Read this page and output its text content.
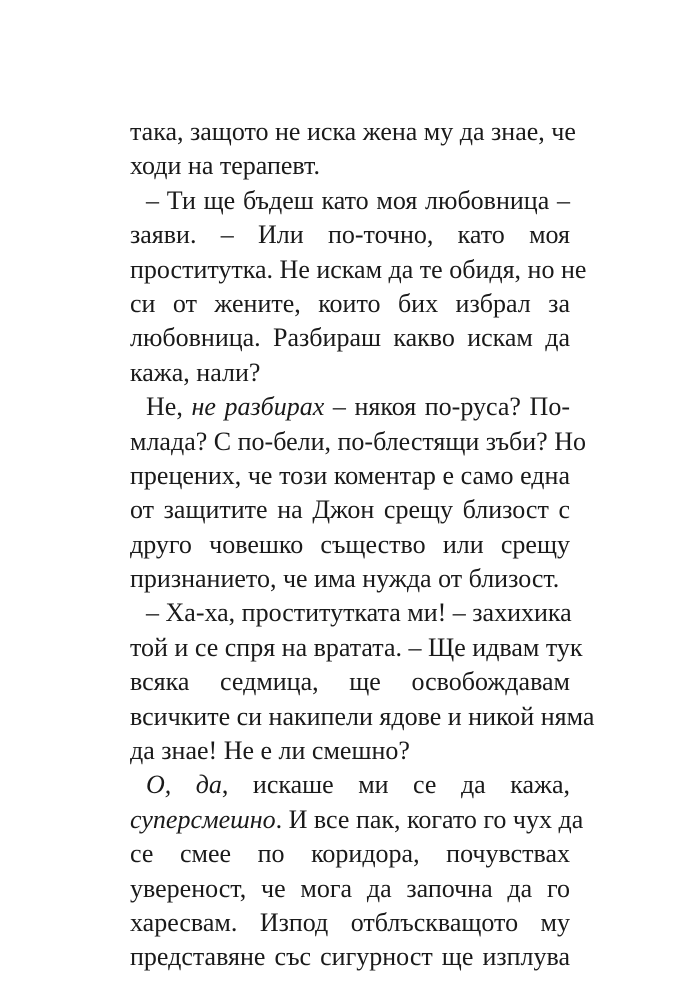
така, защото не иска жена му да знае, че
ходи на терапевт.
– Ти ще бъдеш като моя любовница –
заяви. – Или по-точно, като моя
проститутка. Не искам да те обидя, но не
си от жените, които бих избрал за
любовница. Разбираш какво искам да
кажа, нали?
Не, не разбирах – някоя по-руса? По-
млада? С по-бели, по-блестящи зъби? Но
прецених, че този коментар е само една
от защитите на Джон срещу близост с
друго човешко същество или срещу
признанието, че има нужда от близост.
– Ха-ха, проститутката ми! – захихика
той и се спря на вратата. – Ще идвам тук
всяка седмица, ще освобождавам
всичките си накипели ядове и никой няма
да знае! Не е ли смешно?
О, да, искаше ми се да кажа,
суперсмешно. И все пак, когато го чух да
се смее по коридора, почувствах
увереност, че мога да започна да го
харесвам. Изпод отблъскващото му
представяне със сигурност ще изплува
